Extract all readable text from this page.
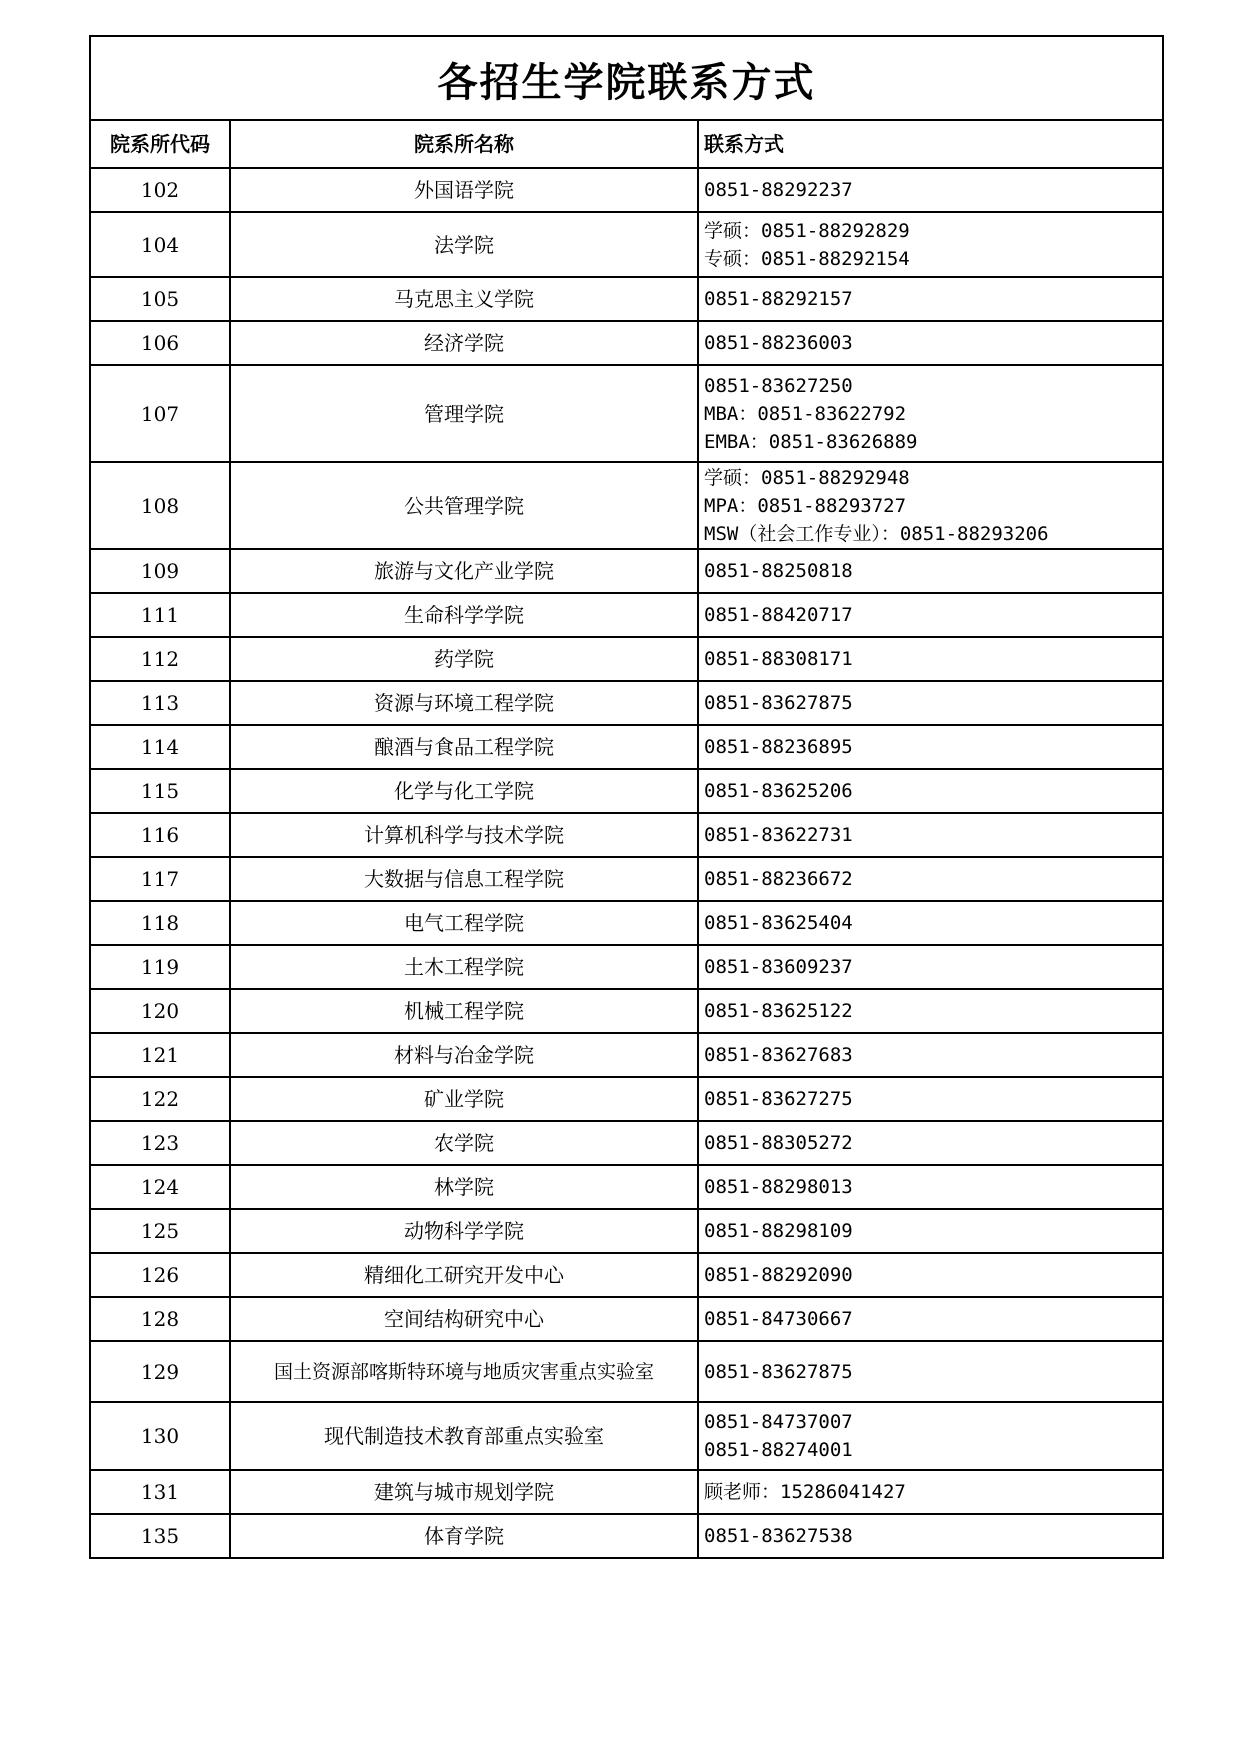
各招生学院联系方式
院系所代码	院系所名称	联系方式
102	外国语学院	0851-88292237

104	法学院	学硕：0851-88292829
专硕：0851-88292154

105	马克思主义学院	0851-88292157

106	经济学院	0851-88236003

107	管理学院	0851-83627250
MBA：0851-83622792
EMBA：0851-83626889

108	公共管理学院	学硕：0851-88292948
MPA：0851-88293727
MSW（社会工作专业）：0851-88293206

109	旅游与文化产业学院	0851-88250818

111	生命科学学院	0851-88420717

112	药学院	0851-88308171

113	资源与环境工程学院	0851-83627875

114	酿酒与食品工程学院	0851-88236895

115	化学与化工学院	0851-83625206

116	计算机科学与技术学院	0851-83622731

117	大数据与信息工程学院	0851-88236672

118	电气工程学院	0851-83625404

119	土木工程学院	0851-83609237

120	机械工程学院	0851-83625122

121	材料与冶金学院	0851-83627683

122	矿业学院	0851-83627275

123	农学院	0851-88305272

124	林学院	0851-88298013

125	动物科学学院	0851-88298109

126	精细化工研究开发中心	0851-88292090

128	空间结构研究中心	0851-84730667

129	国土资源部喀斯特环境与地质灾害重点实验室	0851-83627875

130	现代制造技术教育部重点实验室	0851-84737007
0851-88274001

131	建筑与城市规划学院	顾老师：15286041427

135	体育学院	0851-83627538
